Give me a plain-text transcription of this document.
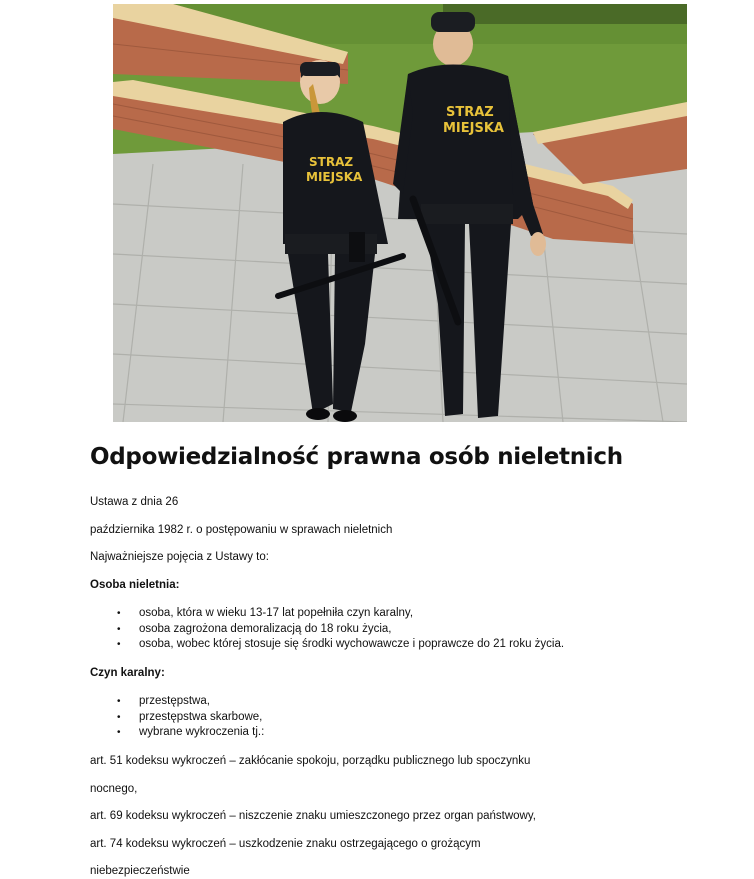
STRAZ
MIEJSKA
STRAZ
MIEJSKA
Odpowiedzialność prawna osób nieletnich

Ustawa z dnia 26

października 1982 r. o postępowaniu w sprawach nieletnich

Najważniejsze pojęcia z Ustawy to:

Osoba nieletnia:

• osoba, która w wieku 13-17 lat popełniła czyn karalny,
• osoba zagrożona demoralizacją do 18 roku życia,
• osoba, wobec której stosuje się środki wychowawcze i poprawcze do 21 roku życia.

Czyn karalny:

• przestępstwa,
• przestępstwa skarbowe,
• wybrane wykroczenia tj.:

art. 51 kodeksu wykroczeń – zakłócanie spokoju, porządku publicznego lub spoczynku

nocnego,

art. 69 kodeksu wykroczeń – niszczenie znaku umieszczonego przez organ państwowy,

art. 74 kodeksu wykroczeń – uszkodzenie znaku ostrzegającego o grożącym

niebezpieczeństwie
